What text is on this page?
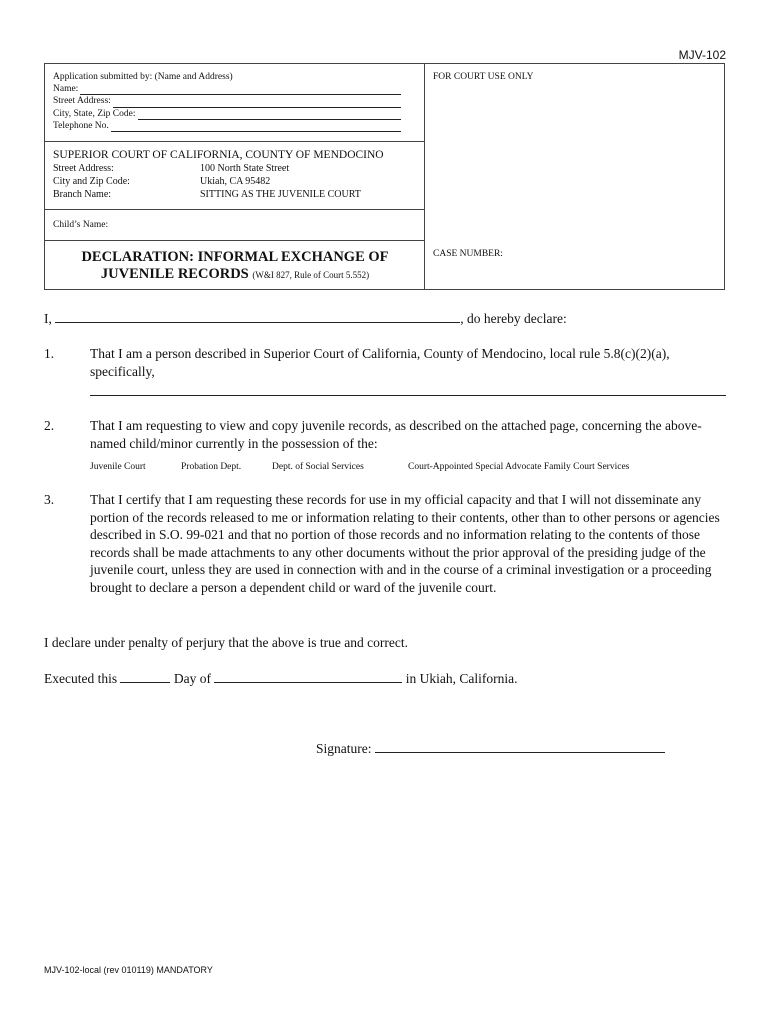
MJV-102
Application submitted by: (Name and Address)
Name:
Street Address:
City, State, Zip Code:
Telephone No.
FOR COURT USE ONLY
SUPERIOR COURT OF CALIFORNIA, COUNTY OF MENDOCINO
Street Address:	100 North State Street
City and Zip Code:	Ukiah, CA 95482
Branch Name:	SITTING AS THE JUVENILE COURT
Child’s Name:
DECLARATION: INFORMAL EXCHANGE OF
JUVENILE RECORDS (W&I 827, Rule of Court 5.552)
CASE NUMBER:
I,	, do hereby declare:
1.	That I am a person described in Superior Court of California, County of Mendocino, local rule 5.8(c)(2)(a), specifically,
2.	That I am requesting to view and copy juvenile records, as described on the attached page, concerning the above-named child/minor currently in the possession of the:
Juvenile Court	Probation Dept.	Dept. of Social Services	Court-Appointed Special Advocate Family Court Services
3.	That I certify that I am requesting these records for use in my official capacity and that I will not disseminate any portion of the records released to me or information relating to their contents, other than to other persons or agencies described in S.O. 99-021 and that no portion of those records and no information relating to the contents of those records shall be made attachments to any other documents without the prior approval of the presiding judge of the juvenile court, unless they are used in connection with and in the course of a criminal investigation or a proceeding brought to declare a person a dependent child or ward of the juvenile court.
I declare under penalty of perjury that the above is true and correct.
Executed this	Day of	in Ukiah, California.
Signature:
MJV-102-local (rev 010119) MANDATORY
